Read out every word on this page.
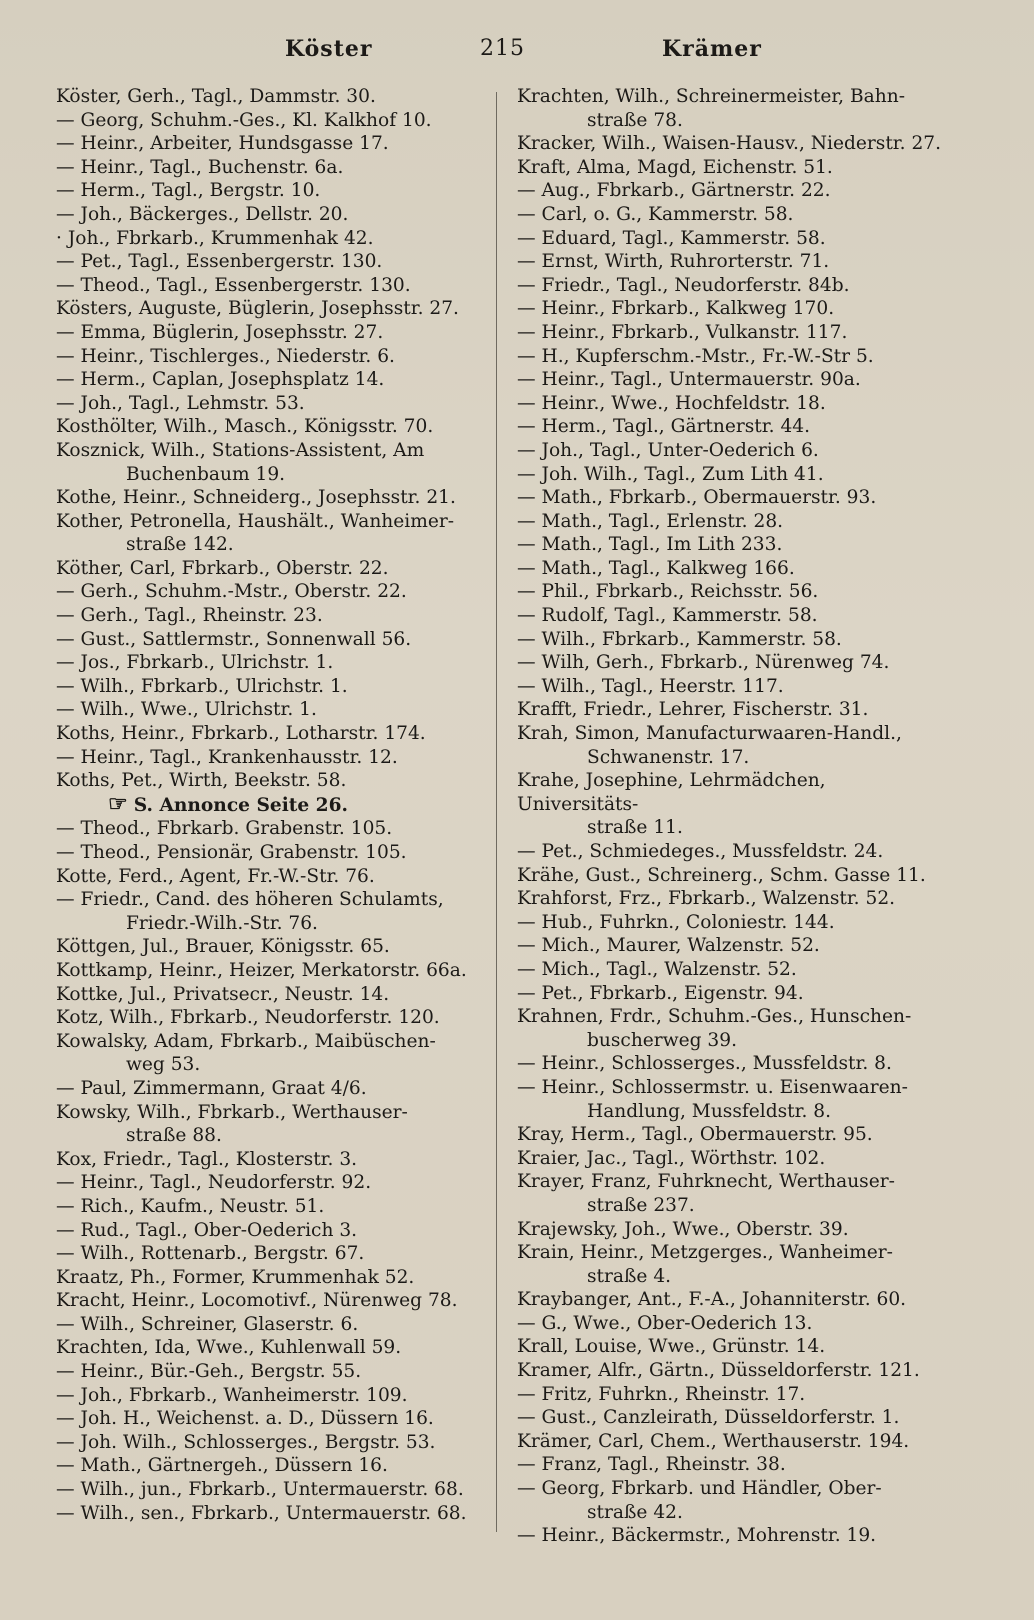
Köster	215	Krämer
Köster, Gerh., Tagl., Dammstr. 30.
— Georg, Schuhm.-Ges., Kl. Kalkhof 10.
— Heinr., Arbeiter, Hundsgasse 17.
— Heinr., Tagl., Buchenstr. 6a.
— Herm., Tagl., Bergstr. 10.
— Joh., Bäckerges., Dellstr. 20.
· Joh., Fbrkarb., Krummenhak 42.
— Pet., Tagl., Essenbergerstr. 130.
— Theod., Tagl., Essenbergerstr. 130.
Kösters, Auguste, Büglerin, Josephsstr. 27.
— Emma, Büglerin, Josephsstr. 27.
— Heinr., Tischlerges., Niederstr. 6.
— Herm., Caplan, Josephsplatz 14.
— Joh., Tagl., Lehmstr. 53.
Kosthölter, Wilh., Masch., Königsstr. 70.
Kosznick, Wilh., Stations-Assistent, Am
Buchenbaum 19.
Kothe, Heinr., Schneiderg., Josephsstr. 21.
Kother, Petronella, Haushält., Wanheimer-
straße 142.
Köther, Carl, Fbrkarb., Oberstr. 22.
— Gerh., Schuhm.-Mstr., Oberstr. 22.
— Gerh., Tagl., Rheinstr. 23.
— Gust., Sattlermstr., Sonnenwall 56.
— Jos., Fbrkarb., Ulrichstr. 1.
— Wilh., Fbrkarb., Ulrichstr. 1.
— Wilh., Wwe., Ulrichstr. 1.
Koths, Heinr., Fbrkarb., Lotharstr. 174.
— Heinr., Tagl., Krankenhausstr. 12.
Koths, Pet., Wirth, Beekstr. 58.
☞ S. Annonce Seite 26.
— Theod., Fbrkarb. Grabenstr. 105.
— Theod., Pensionär, Grabenstr. 105.
Kotte, Ferd., Agent, Fr.-W.-Str. 76.
— Friedr., Cand. des höheren Schulamts,
Friedr.-Wilh.-Str. 76.
Köttgen, Jul., Brauer, Königsstr. 65.
Kottkamp, Heinr., Heizer, Merkatorstr. 66a.
Kottke, Jul., Privatsecr., Neustr. 14.
Kotz, Wilh., Fbrkarb., Neudorferstr. 120.
Kowalsky, Adam, Fbrkarb., Maibüschen-
weg 53.
— Paul, Zimmermann, Graat 4/6.
Kowsky, Wilh., Fbrkarb., Werthauser-
straße 88.
Kox, Friedr., Tagl., Klosterstr. 3.
— Heinr., Tagl., Neudorferstr. 92.
— Rich., Kaufm., Neustr. 51.
— Rud., Tagl., Ober-Oederich 3.
— Wilh., Rottenarb., Bergstr. 67.
Kraatz, Ph., Former, Krummenhak 52.
Kracht, Heinr., Locomotivf., Nürenweg 78.
— Wilh., Schreiner, Glaserstr. 6.
Krachten, Ida, Wwe., Kuhlenwall 59.
— Heinr., Bür.-Geh., Bergstr. 55.
— Joh., Fbrkarb., Wanheimerstr. 109.
— Joh. H., Weichenst. a. D., Düssern 16.
— Joh. Wilh., Schlosserges., Bergstr. 53.
— Math., Gärtnergeh., Düssern 16.
— Wilh., jun., Fbrkarb., Untermauerstr. 68.
— Wilh., sen., Fbrkarb., Untermauerstr. 68.
Krachten, Wilh., Schreinermeister, Bahn-
straße 78.
Kracker, Wilh., Waisen-Hausv., Niederstr. 27.
Kraft, Alma, Magd, Eichenstr. 51.
— Aug., Fbrkarb., Gärtnerstr. 22.
— Carl, o. G., Kammerstr. 58.
— Eduard, Tagl., Kammerstr. 58.
— Ernst, Wirth, Ruhrorterstr. 71.
— Friedr., Tagl., Neudorferstr. 84b.
— Heinr., Fbrkarb., Kalkweg 170.
— Heinr., Fbrkarb., Vulkanstr. 117.
— H., Kupferschm.-Mstr., Fr.-W.-Str 5.
— Heinr., Tagl., Untermauerstr. 90a.
— Heinr., Wwe., Hochfeldstr. 18.
— Herm., Tagl., Gärtnerstr. 44.
— Joh., Tagl., Unter-Oederich 6.
— Joh. Wilh., Tagl., Zum Lith 41.
— Math., Fbrkarb., Obermauerstr. 93.
— Math., Tagl., Erlenstr. 28.
— Math., Tagl., Im Lith 233.
— Math., Tagl., Kalkweg 166.
— Phil., Fbrkarb., Reichsstr. 56.
— Rudolf, Tagl., Kammerstr. 58.
— Wilh., Fbrkarb., Kammerstr. 58.
— Wilh, Gerh., Fbrkarb., Nürenweg 74.
— Wilh., Tagl., Heerstr. 117.
Krafft, Friedr., Lehrer, Fischerstr. 31.
Krah, Simon, Manufacturwaaren-Handl.,
Schwanenstr. 17.
Krahe, Josephine, Lehrmädchen, Universitäts-
straße 11.
— Pet., Schmiedeges., Mussfeldstr. 24.
Krähe, Gust., Schreinerg., Schm. Gasse 11.
Krahforst, Frz., Fbrkarb., Walzenstr. 52.
— Hub., Fuhrkn., Coloniestr. 144.
— Mich., Maurer, Walzenstr. 52.
— Mich., Tagl., Walzenstr. 52.
— Pet., Fbrkarb., Eigenstr. 94.
Krahnen, Frdr., Schuhm.-Ges., Hunschen-
buscherweg 39.
— Heinr., Schlosserges., Mussfeldstr. 8.
— Heinr., Schlossermstr. u. Eisenwaaren-
Handlung, Mussfeldstr. 8.
Kray, Herm., Tagl., Obermauerstr. 95.
Kraier, Jac., Tagl., Wörthstr. 102.
Krayer, Franz, Fuhrknecht, Werthauser-
straße 237.
Krajewsky, Joh., Wwe., Oberstr. 39.
Krain, Heinr., Metzgerges., Wanheimer-
straße 4.
Kraybanger, Ant., F.-A., Johanniterstr. 60.
— G., Wwe., Ober-Oederich 13.
Krall, Louise, Wwe., Grünstr. 14.
Kramer, Alfr., Gärtn., Düsseldorferstr. 121.
— Fritz, Fuhrkn., Rheinstr. 17.
— Gust., Canzleirath, Düsseldorferstr. 1.
Krämer, Carl, Chem., Werthauserstr. 194.
— Franz, Tagl., Rheinstr. 38.
— Georg, Fbrkarb. und Händler, Ober-
straße 42.
— Heinr., Bäckermstr., Mohrenstr. 19.
